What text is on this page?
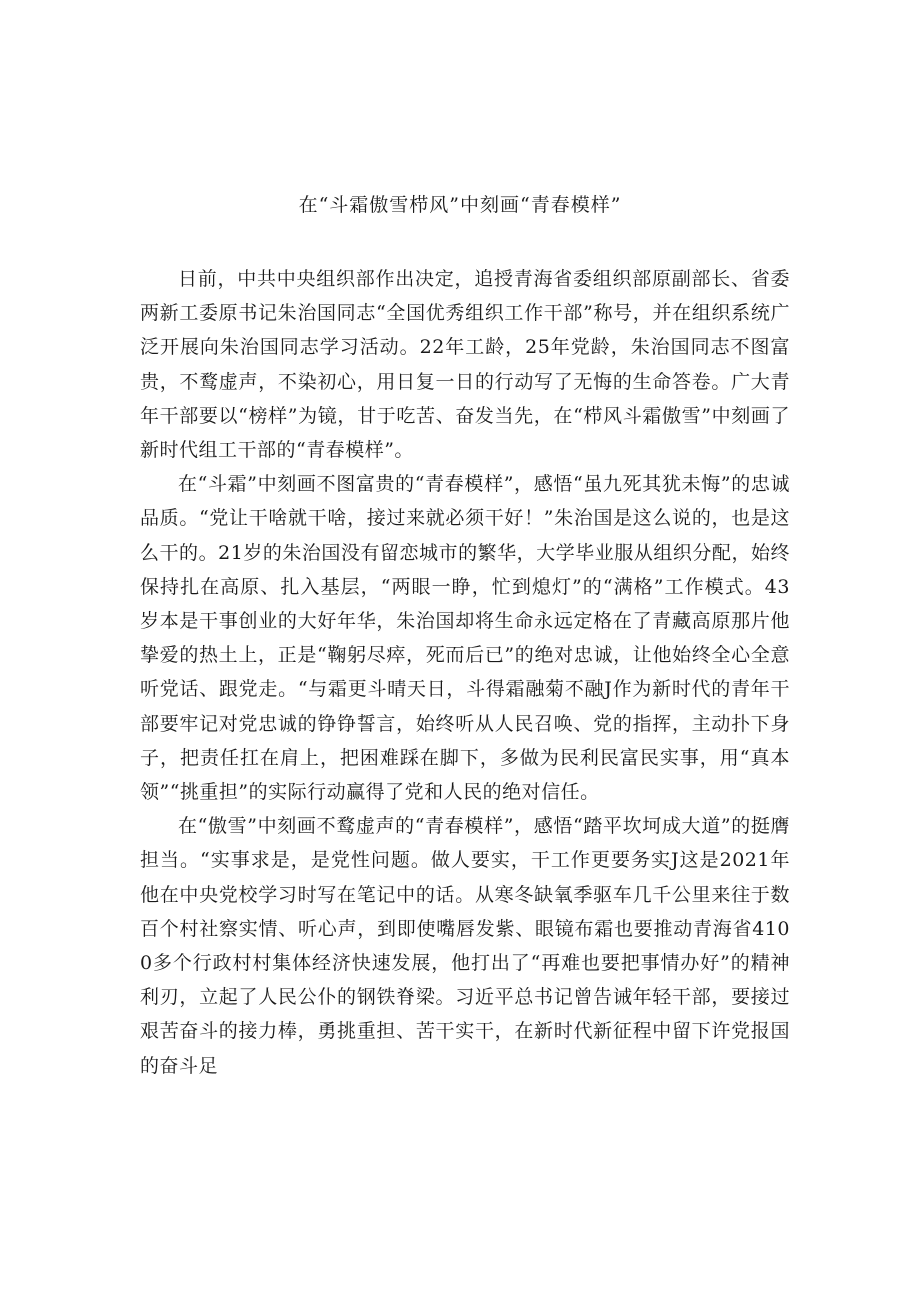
在“斗霜傲雪栉风”中刻画“青春模样”

日前，中共中央组织部作出决定，追授青海省委组织部原副部长、省委两新工委原书记朱治国同志“全国优秀组织工作干部”称号，并在组织系统广泛开展向朱治国同志学习活动。22年工龄，25年党龄，朱治国同志不图富贵，不鹜虚声，不染初心，用日复一日的行动写了无悔的生命答卷。广大青年干部要以“榜样”为镜，甘于吃苦、奋发当先，在“栉风斗霜傲雪”中刻画了新时代组工干部的“青春模样”。

在“斗霜”中刻画不图富贵的“青春模样”，感悟“虽九死其犹未悔”的忠诚品质。“党让干啥就干啥，接过来就必须干好！”朱治国是这么说的，也是这么干的。21岁的朱治国没有留恋城市的繁华，大学毕业服从组织分配，始终保持扎在高原、扎入基层，“两眼一睁，忙到熄灯”的“满格”工作模式。43岁本是干事创业的大好年华，朱治国却将生命永远定格在了青藏高原那片他挚爱的热土上，正是“鞠躬尽瘁，死而后已”的绝对忠诚，让他始终全心全意听党话、跟党走。“与霜更斗晴天日，斗得霜融菊不融J作为新时代的青年干部要牢记对党忠诚的铮铮誓言，始终听从人民召唤、党的指挥，主动扑下身子，把责任扛在肩上，把困难踩在脚下，多做为民利民富民实事，用“真本领”“挑重担”的实际行动赢得了党和人民的绝对信任。

在“傲雪”中刻画不鹜虚声的“青春模样”，感悟“踏平坎坷成大道”的挺膺担当。“实事求是，是党性问题。做人要实，干工作更要务实J这是2021年他在中央党校学习时写在笔记中的话。从寒冬缺氧季驱车几千公里来往于数百个村社察实情、听心声，到即使嘴唇发紫、眼镜布霜也要推动青海省4100多个行政村村集体经济快速发展，他打出了“再难也要把事情办好”的精神利刃，立起了人民公仆的钢铁脊梁。习近平总书记曾告诫年轻干部，要接过艰苦奋斗的接力棒，勇挑重担、苦干实干，在新时代新征程中留下许党报国的奋斗足
